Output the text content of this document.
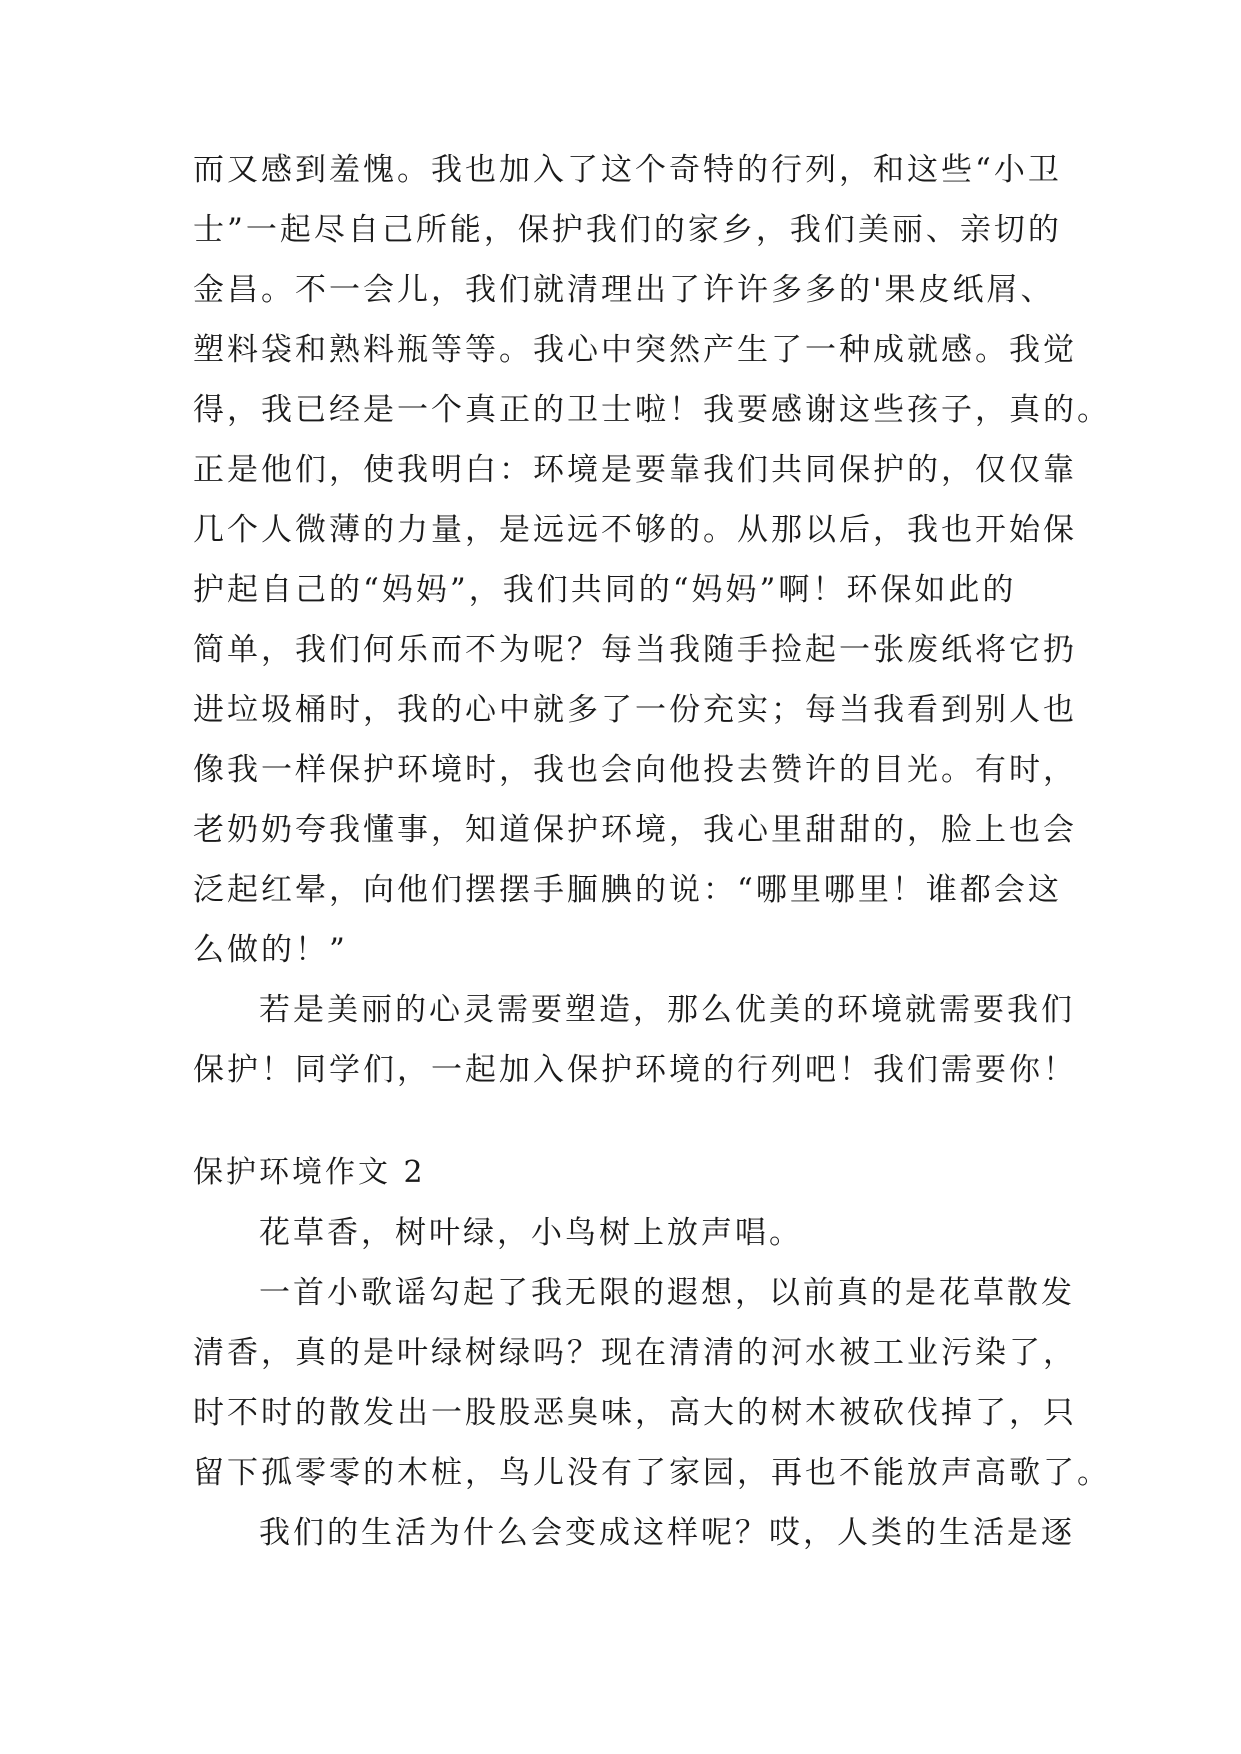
而又感到羞愧。我也加入了这个奇特的行列，和这些“小卫
士”一起尽自己所能，保护我们的家乡，我们美丽、亲切的
金昌。不一会儿，我们就清理出了许许多多的'果皮纸屑、
塑料袋和熟料瓶等等。我心中突然产生了一种成就感。我觉
得，我已经是一个真正的卫士啦！我要感谢这些孩子，真的。
正是他们，使我明白：环境是要靠我们共同保护的，仅仅靠
几个人微薄的力量，是远远不够的。从那以后，我也开始保
护起自己的“妈妈”，我们共同的“妈妈”啊！环保如此的
简单，我们何乐而不为呢？每当我随手捡起一张废纸将它扔
进垃圾桶时，我的心中就多了一份充实；每当我看到别人也
像我一样保护环境时，我也会向他投去赞许的目光。有时，
老奶奶夸我懂事，知道保护环境，我心里甜甜的，脸上也会
泛起红晕，向他们摆摆手腼腆的说：“哪里哪里！谁都会这
么做的！”
若是美丽的心灵需要塑造，那么优美的环境就需要我们
保护！同学们，一起加入保护环境的行列吧！我们需要你！
保护环境作文 2
花草香，树叶绿，小鸟树上放声唱。
一首小歌谣勾起了我无限的遐想，以前真的是花草散发
清香，真的是叶绿树绿吗？现在清清的河水被工业污染了，
时不时的散发出一股股恶臭味，高大的树木被砍伐掉了，只
留下孤零零的木桩，鸟儿没有了家园，再也不能放声高歌了。
我们的生活为什么会变成这样呢？哎，人类的生活是逐
